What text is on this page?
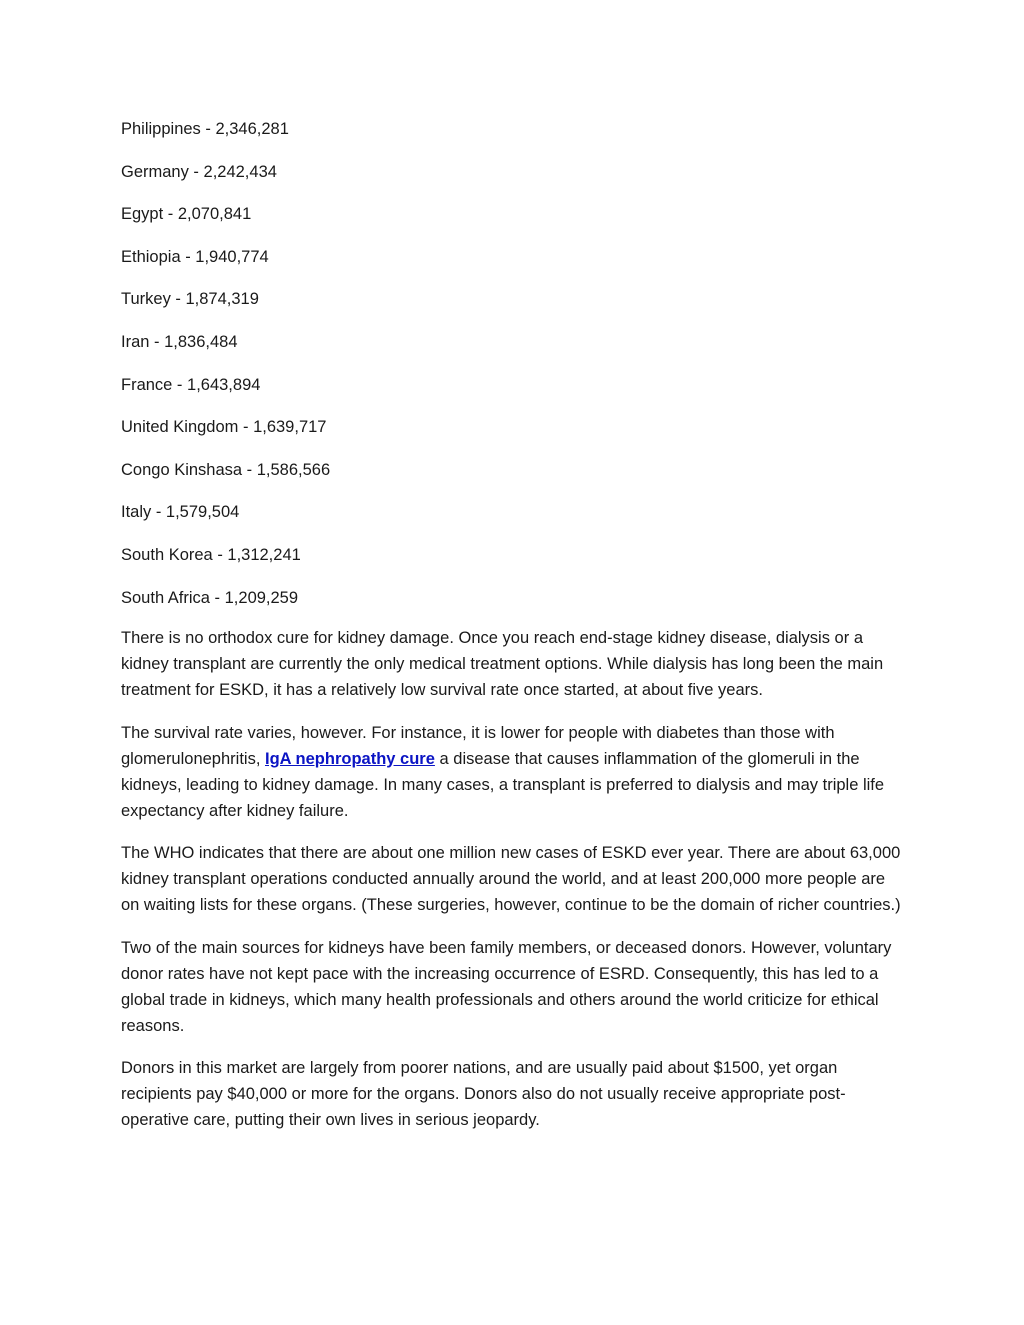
Philippines - 2,346,281

Germany - 2,242,434

Egypt - 2,070,841

Ethiopia - 1,940,774

Turkey - 1,874,319

Iran - 1,836,484

France - 1,643,894

United Kingdom - 1,639,717

Congo Kinshasa - 1,586,566

Italy - 1,579,504

South Korea - 1,312,241

South Africa - 1,209,259

There is no orthodox cure for kidney damage. Once you reach end-stage kidney disease, dialysis or a kidney transplant are currently the only medical treatment options. While dialysis has long been the main treatment for ESKD, it has a relatively low survival rate once started, at about five years.

The survival rate varies, however. For instance, it is lower for people with diabetes than those with glomerulonephritis, IgA nephropathy cure a disease that causes inflammation of the glomeruli in the kidneys, leading to kidney damage. In many cases, a transplant is preferred to dialysis and may triple life expectancy after kidney failure.

The WHO indicates that there are about one million new cases of ESKD ever year. There are about 63,000 kidney transplant operations conducted annually around the world, and at least 200,000 more people are on waiting lists for these organs. (These surgeries, however, continue to be the domain of richer countries.)

Two of the main sources for kidneys have been family members, or deceased donors. However, voluntary donor rates have not kept pace with the increasing occurrence of ESRD. Consequently, this has led to a global trade in kidneys, which many health professionals and others around the world criticize for ethical reasons.

Donors in this market are largely from poorer nations, and are usually paid about $1500, yet organ recipients pay $40,000 or more for the organs. Donors also do not usually receive appropriate post-operative care, putting their own lives in serious jeopardy.
